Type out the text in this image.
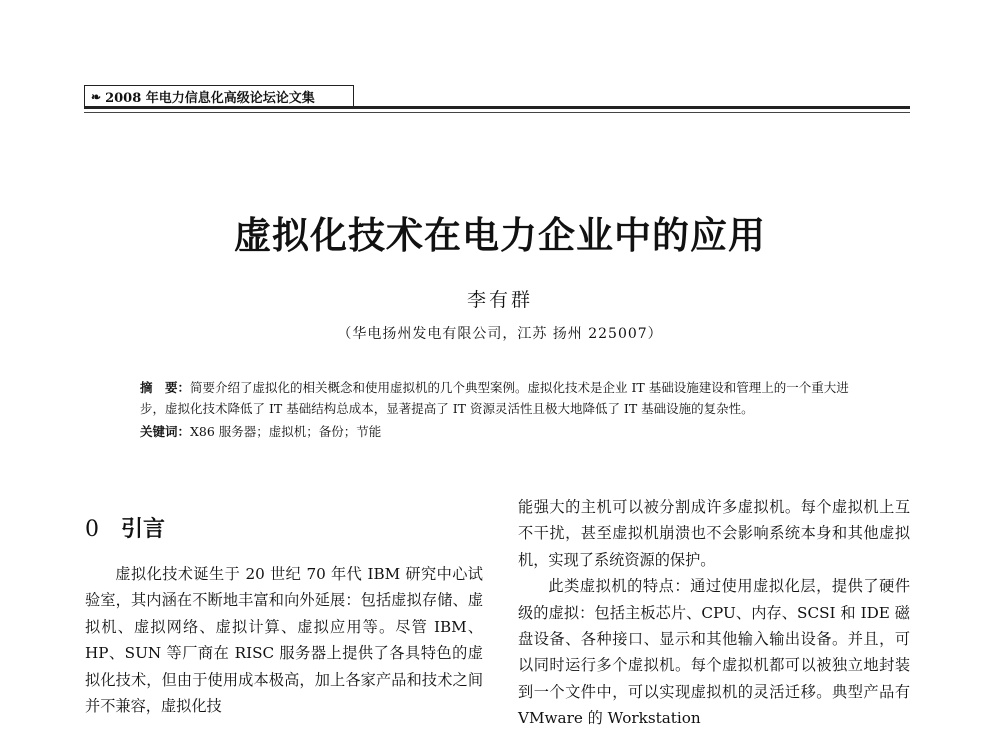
❧ 2008 年电力信息化高级论坛论文集
虚拟化技术在电力企业中的应用
李有群
（华电扬州发电有限公司，江苏 扬州 225007）

摘　要：简要介绍了虚拟化的相关概念和使用虚拟机的几个典型案例。虚拟化技术是企业 IT 基础设施建设和管理上的一个重大进步，虚拟化技术降低了 IT 基础结构总成本，显著提高了 IT 资源灵活性且极大地降低了 IT 基础设施的复杂性。

关键词：X86 服务器；虚拟机；备份；节能

0 引言

虚拟化技术诞生于 20 世纪 70 年代 IBM 研究中心试验室，其内涵在不断地丰富和向外延展：包括虚拟存储、虚拟机、虚拟网络、虚拟计算、虚拟应用等。尽管 IBM、HP、SUN 等厂商在 RISC 服务器上提供了各具特色的虚拟化技术，但由于使用成本极高，加上各家产品和技术之间并不兼容，虚拟化技

能强大的主机可以被分割成许多虚拟机。每个虚拟机上互不干扰，甚至虚拟机崩溃也不会影响系统本身和其他虚拟机，实现了系统资源的保护。

此类虚拟机的特点：通过使用虚拟化层，提供了硬件级的虚拟：包括主板芯片、CPU、内存、SCSI 和 IDE 磁盘设备、各种接口、显示和其他输入输出设备。并且，可以同时运行多个虚拟机。每个虚拟机都可以被独立地封装到一个文件中，可以实现虚拟机的灵活迁移。典型产品有 VMware 的 Workstation
